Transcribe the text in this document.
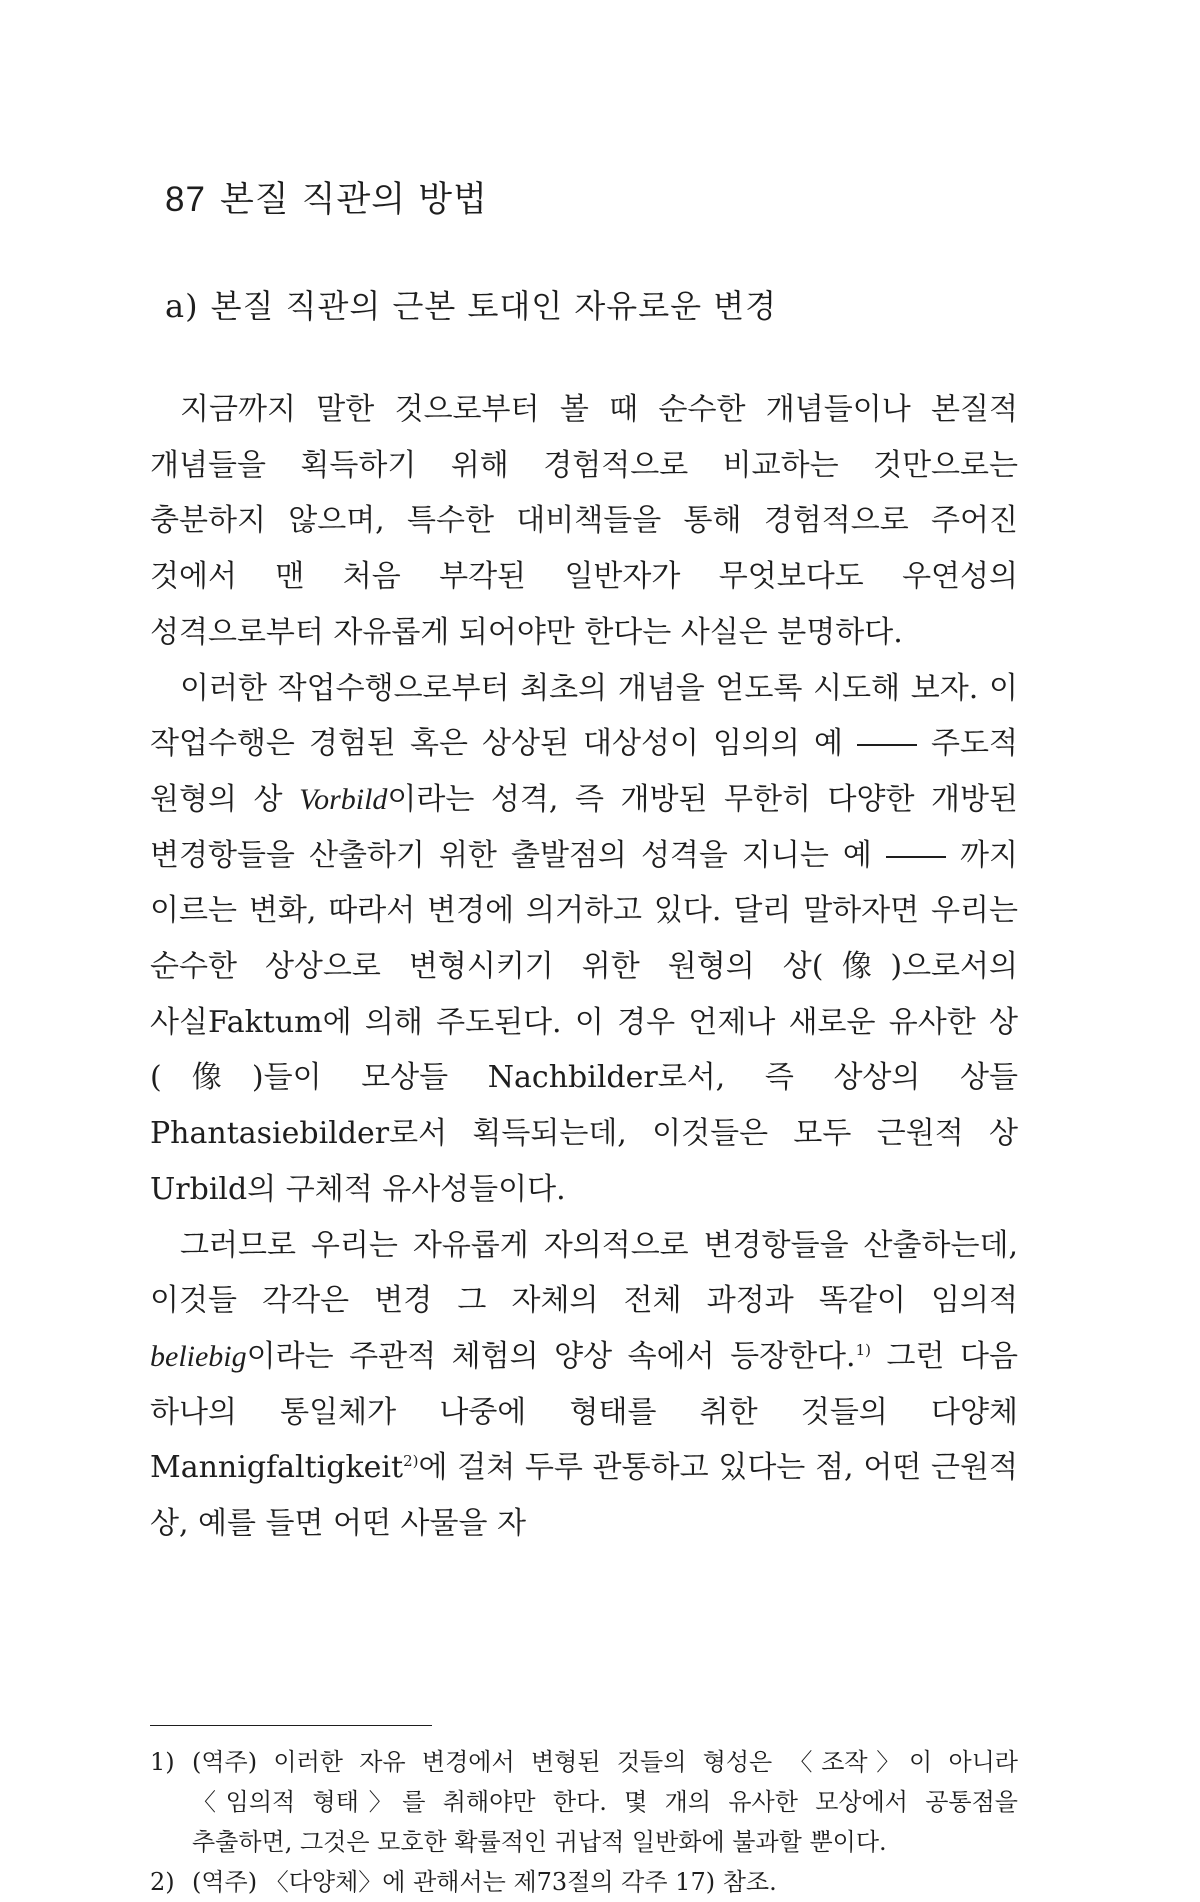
87 본질 직관의 방법
a) 본질 직관의 근본 토대인 자유로운 변경

지금까지 말한 것으로부터 볼 때 순수한 개념들이나 본질적 개념들을 획득하기 위해 경험적으로 비교하는 것만으로는 충분하지 않으며, 특수한 대비책들을 통해 경험적으로 주어진 것에서 맨 처음 부각된 일반자가 무엇보다도 우연성의 성격으로부터 자유롭게 되어야만 한다는 사실은 분명하다.

이러한 작업수행으로부터 최초의 개념을 얻도록 시도해 보자. 이 작업수행은 경험된 혹은 상상된 대상성이 임의의 예 ―― 주도적 원형의 상 Vorbild이라는 성격, 즉 개방된 무한히 다양한 개방된 변경항들을 산출하기 위한 출발점의 성격을 지니는 예 ―― 까지 이르는 변화, 따라서 변경에 의거하고 있다. 달리 말하자면 우리는 순수한 상상으로 변형시키기 위한 원형의 상(像)으로서의 사실Faktum에 의해 주도된다. 이 경우 언제나 새로운 유사한 상(像)들이 모상들 Nachbilder로서, 즉 상상의 상들 Phantasiebilder로서 획득되는데, 이것들은 모두 근원적 상 Urbild의 구체적 유사성들이다.

그러므로 우리는 자유롭게 자의적으로 변경항들을 산출하는데, 이것들 각각은 변경 그 자체의 전체 과정과 똑같이 임의적 beliebig이라는 주관적 체험의 양상 속에서 등장한다.$^{1)}$ 그런 다음 하나의 통일체가 나중에 형태를 취한 것들의 다양체 Mannigfaltigkeit$^{2)}$에 걸쳐 두루 관통하고 있다는 점, 어떤 근원적 상, 예를 들면 어떤 사물을 자

1) (역주) 이러한 자유 변경에서 변형된 것들의 형성은 〈조작〉이 아니라 〈임의적 형태〉를 취해야만 한다. 몇 개의 유사한 모상에서 공통점을 추출하면, 그것은 모호한 확률적인 귀납적 일반화에 불과할 뿐이다.

2) (역주) 〈다양체〉에 관해서는 제73절의 각주 17) 참조.
